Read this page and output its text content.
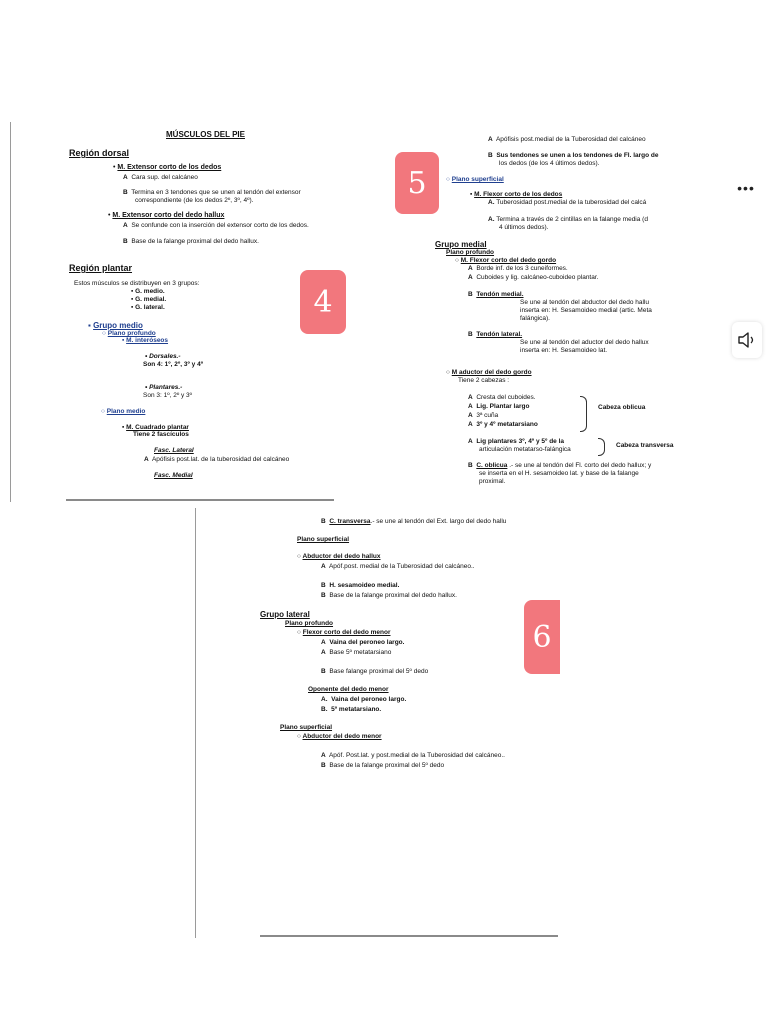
MÚSCULOS DEL PIE
Región dorsal
• M. Extensor corto de los dedos
A Cara sup. del calcáneo
B Termina en 3 tendones que se unen al tendón del extensor
correspondiente (de los dedos 2º, 3º, 4º).
• M. Extensor corto del dedo hallux
A Se confunde con la inserción del extensor corto de los dedos.
B Base de la falange proximal del dedo hallux.
Región plantar
Estos músculos se distribuyen en 3 grupos:
▪ G. medio.
▪ G. medial.
▪ G. lateral.
▪ Grupo medio
○ Plano profundo
▪ M. interóseos
• Dorsales.-
Son 4: 1º, 2º, 3º y 4º
• Plantares.-
Son 3: 1º, 2º y 3º
○ Plano medio
▪ M. Cuadrado plantar
Tiene 2 fascículos
Fasc. Lateral
A Apófisis post.lat. de la tuberosidad del calcáneo
Fasc. Medial
A Apófisis post.medial de la Tuberosidad del calcáneo
B Sus tendones se unen a los tendones de Fl. largo de
los dedos (de los 4 últimos dedos).
○ Plano superficial
▪ M. Flexor corto de los dedos
A. Tuberosidad post.medial de la tuberosidad del calcá
A. Termina a través de 2 cintillas en la falange media (d
4 últimos dedos).
Grupo medial
Plano profundo
○ M. Flexor corto del dedo gordo
A Borde inf. de los 3 cuneiformes.
A Cuboides y lig. calcáneo-cuboideo plantar.
B Tendón medial.
Se une al tendón del abductor del dedo hallu
inserta en: H. Sesamoideo medial (artic. Meta
falángica).
B Tendón lateral.
Se une al tendón del aductor del dedo hallux
inserta en: H. Sesamoideo lat.
○ M aductor del dedo gordo
Tiene 2 cabezas :
A Cresta del cuboides.
A Lig. Plantar largo
A 3ª cuña
A 3º y 4º metatarsiano
Cabeza oblicua
A Lig plantares 3º, 4º y 5º de la
articulación metatarso-falángica
Cabeza transversa
B C. oblicua .- se une al tendón del Fl. corto del dedo hallux; y
se inserta en el H. sesamoideo lat. y base de la falange
proximal.
B C. transversa.- se une al tendón del Ext. largo del dedo hallu
Plano superficial
○ Abductor del dedo hallux
A Apóf.post. medial de la Tuberosidad del calcáneo..
B H. sesamoideo medial.
B Base de la falange proximal del dedo hallux.
Grupo lateral
Plano profundo
○ Flexor corto del dedo menor
A Vaina del peroneo largo.
A Base 5º metatarsiano
B Base falange proximal del 5º dedo
Oponente del dedo menor
A. Vaina del peroneo largo.
B. 5º metatarsiano.
Plano superficial
○ Abductor del dedo menor
A Apóf. Post.lat. y post.medial de la Tuberosidad del calcáneo..
B Base de la falange proximal del 5º dedo
4
5
6
•••
